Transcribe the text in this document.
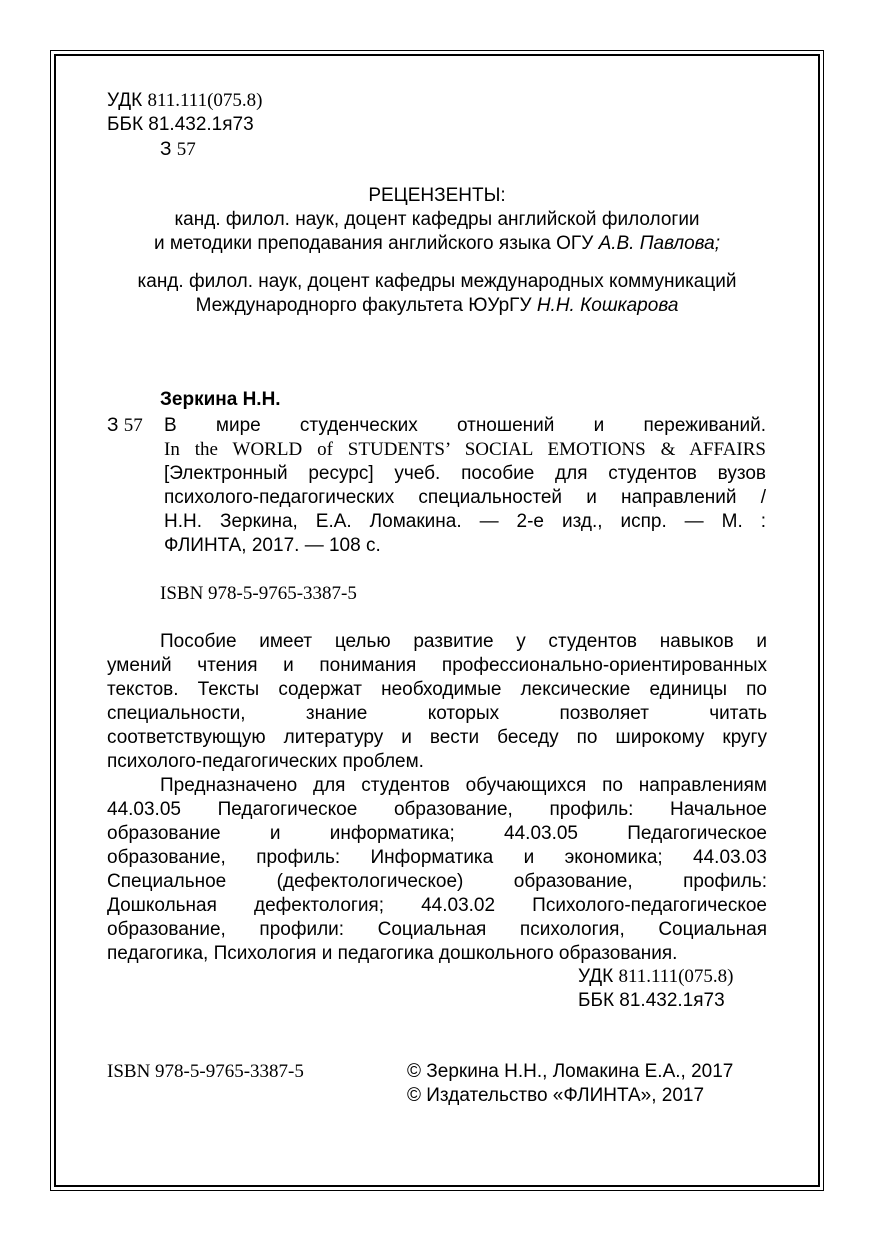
УДК 811.111(075.8)
ББК 81.432.1я73
З 57
РЕЦЕНЗЕНТЫ:
канд. филол. наук, доцент кафедры английской филологии
и методики преподавания английского языка ОГУ А.В. Павлова;
канд. филол. наук, доцент кафедры международных коммуникаций
Международнорго факультета ЮУрГУ Н.Н. Кошкарова
Зеркина Н.Н.
З 57 В мире студенческих отношений и переживаний.
In the WORLD of STUDENTS’ SOCIAL EMOTIONS & AFFAIRS
[Электронный ресурс] учеб. пособие для студентов вузов
психолого-педагогических специальностей и направлений /
Н.Н. Зеркина, Е.А. Ломакина. — 2-е изд., испр. — М. :
ФЛИНТА, 2017. — 108 с.
ISBN 978-5-9765-3387-5
Пособие имеет целью развитие у студентов навыков и
умений чтения и понимания профессионально-ориентированных
текстов. Тексты содержат необходимые лексические единицы по
специальности, знание которых позволяет читать
соответствующую литературу и вести беседу по широкому кругу
психолого-педагогических проблем.
Предназначено для студентов обучающихся по направлениям
44.03.05 Педагогическое образование, профиль: Начальное
образование и информатика; 44.03.05 Педагогическое
образование, профиль: Информатика и экономика; 44.03.03
Специальное (дефектологическое) образование, профиль:
Дошкольная дефектология; 44.03.02 Психолого-педагогическое
образование, профили: Социальная психология, Социальная
педагогика, Психология и педагогика дошкольного образования.
УДК 811.111(075.8)
ББК 81.432.1я73
ISBN 978-5-9765-3387-5	© Зеркина Н.Н., Ломакина Е.А., 2017
© Издательство «ФЛИНТА», 2017
